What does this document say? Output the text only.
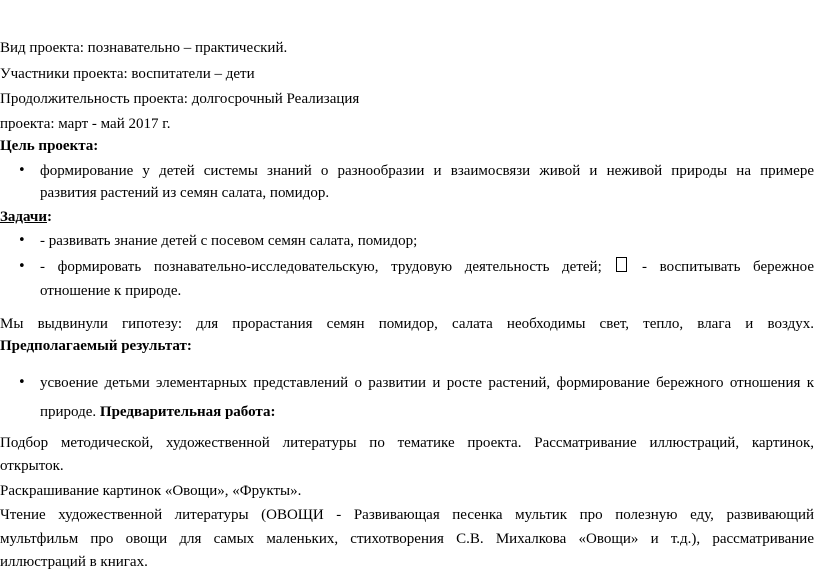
Вид проекта: познавательно – практический.
Участники проекта: воспитатели – дети
Продолжительность проекта: долгосрочный Реализация
проекта: март - май 2017 г.
Цель проекта:
• формирование у детей системы знаний о разнообразии и взаимосвязи живой и неживой природы на примере
развития растений из семян салата, помидор.
Задачи:
• - развивать знание детей с посевом семян салата, помидор;
• - формировать познавательно-исследовательскую, трудовую деятельность детей;	- воспитывать бережное
отношение к природе.
Мы выдвинули гипотезу: для прорастания семян помидор, салата необходимы свет, тепло, влага и воздух.
Предполагаемый результат:
• усвоение детьми элементарных представлений о развитии и росте растений, формирование бережного отношения к
природе. Предварительная работа:
Подбор методической, художественной литературы по тематике проекта. Рассматривание иллюстраций, картинок,
открыток.
Раскрашивание картинок «Овощи», «Фрукты».
Чтение художественной литературы (ОВОЩИ - Развивающая песенка мультик про полезную еду, развивающий
мультфильм про овощи для самых маленьких, стихотворения С.В. Михалкова «Овощи» и т.д.), рассматривание
иллюстраций в книгах.
